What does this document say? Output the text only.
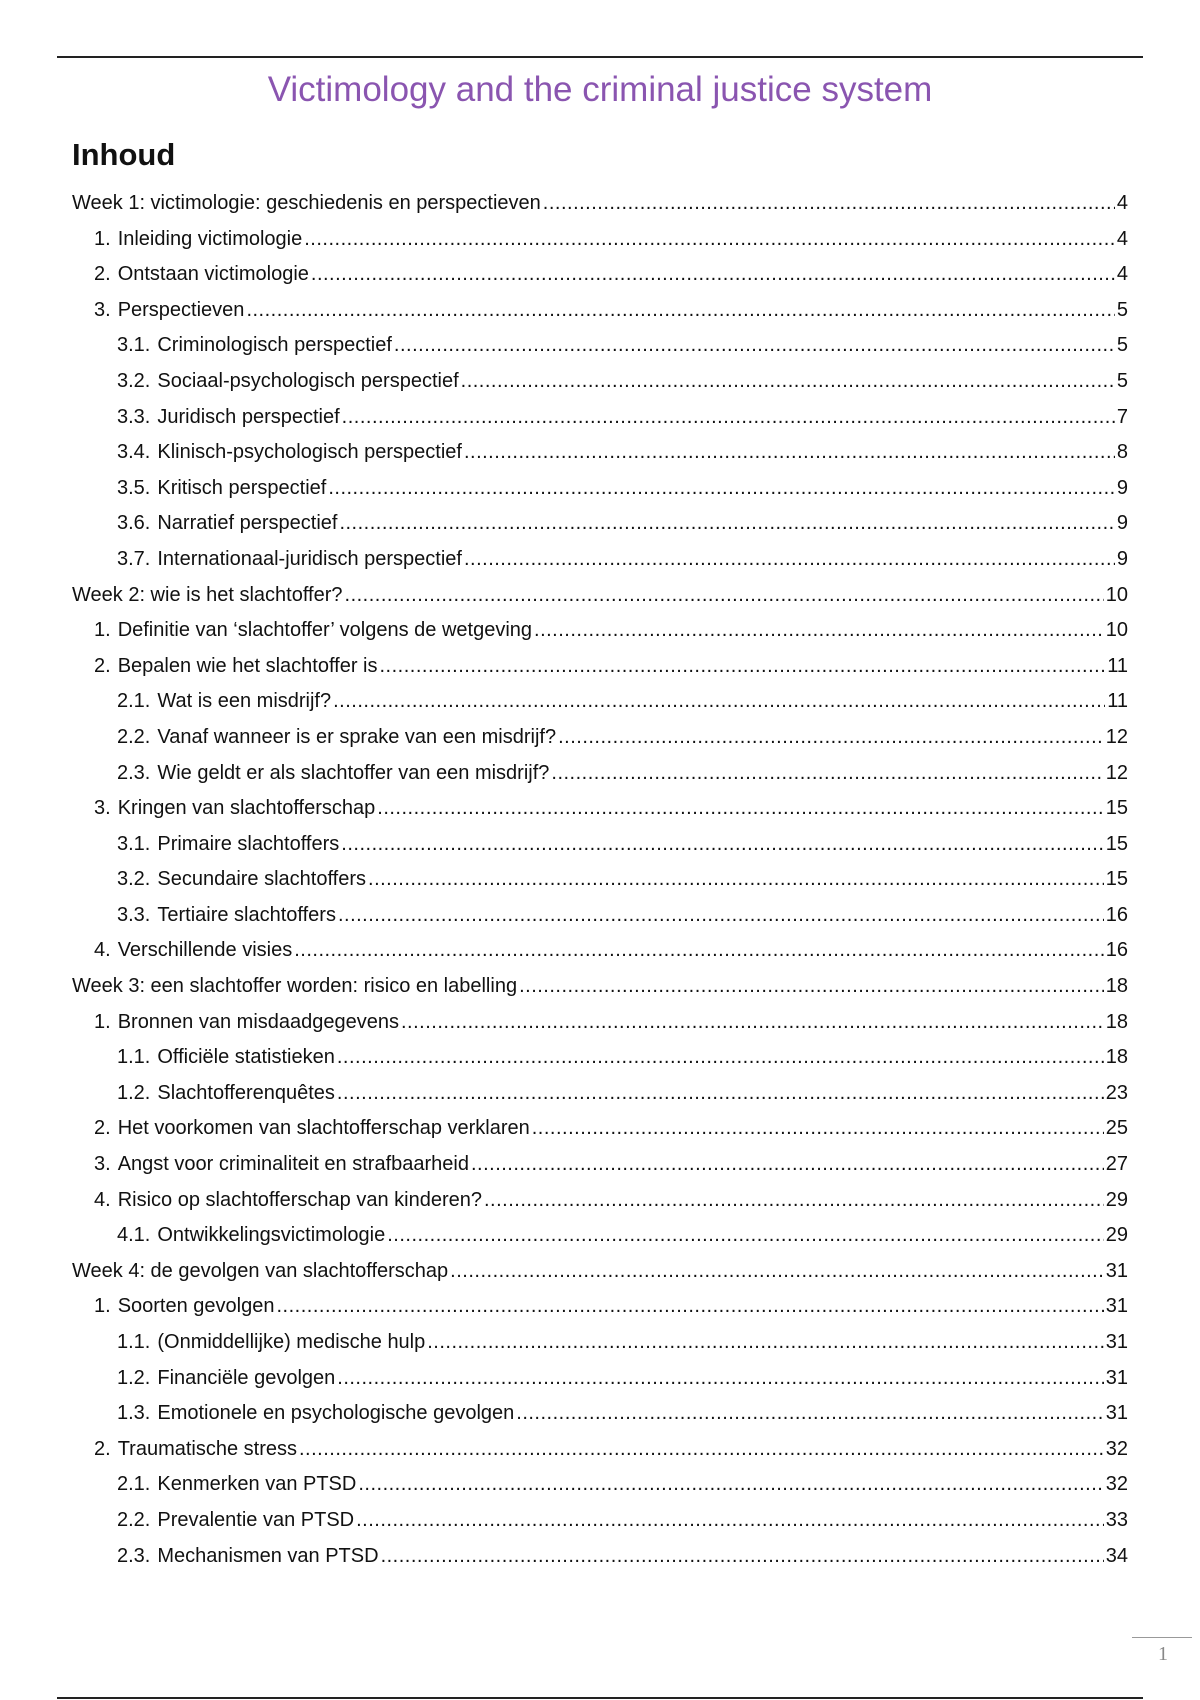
Victimology and the criminal justice system
Inhoud
Week 1: victimologie: geschiedenis en perspectieven .....	4
1. Inleiding victimologie .....	4
2. Ontstaan victimologie .....	4
3. Perspectieven .....	5
3.1. Criminologisch perspectief .....	5
3.2. Sociaal-psychologisch perspectief .....	5
3.3. Juridisch perspectief .....	7
3.4. Klinisch-psychologisch perspectief .....	8
3.5. Kritisch perspectief .....	9
3.6. Narratief perspectief .....	9
3.7. Internationaal-juridisch perspectief .....	9
Week 2: wie is het slachtoffer? .....	10
1. Definitie van ‘slachtoffer’ volgens de wetgeving .....	10
2. Bepalen wie het slachtoffer is .....	11
2.1. Wat is een misdrijf? .....	11
2.2. Vanaf wanneer is er sprake van een misdrijf? .....	12
2.3. Wie geldt er als slachtoffer van een misdrijf? .....	12
3. Kringen van slachtofferschap .....	15
3.1. Primaire slachtoffers .....	15
3.2. Secundaire slachtoffers .....	15
3.3. Tertiaire slachtoffers .....	16
4. Verschillende visies .....	16
Week 3: een slachtoffer worden: risico en labelling .....	18
1. Bronnen van misdaadgegevens .....	18
1.1. Officiële statistieken .....	18
1.2. Slachtofferenquêtes .....	23
2. Het voorkomen van slachtofferschap verklaren .....	25
3. Angst voor criminaliteit en strafbaarheid .....	27
4. Risico op slachtofferschap van kinderen? .....	29
4.1. Ontwikkelingsvictimologie .....	29
Week 4: de gevolgen van slachtofferschap .....	31
1. Soorten gevolgen .....	31
1.1. (Onmiddellijke) medische hulp .....	31
1.2. Financiële gevolgen .....	31
1.3. Emotionele en psychologische gevolgen .....	31
2. Traumatische stress .....	32
2.1. Kenmerken van PTSD .....	32
2.2. Prevalentie van PTSD .....	33
2.3. Mechanismen van PTSD .....	34
1
